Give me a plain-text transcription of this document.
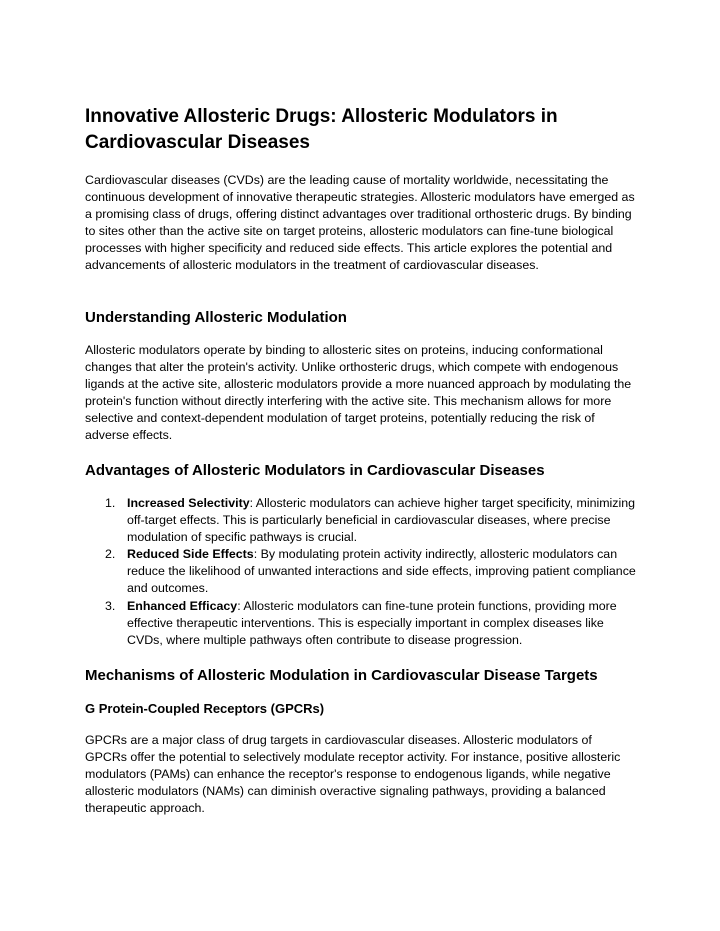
Innovative Allosteric Drugs: Allosteric Modulators in Cardiovascular Diseases

Cardiovascular diseases (CVDs) are the leading cause of mortality worldwide, necessitating the continuous development of innovative therapeutic strategies. Allosteric modulators have emerged as a promising class of drugs, offering distinct advantages over traditional orthosteric drugs. By binding to sites other than the active site on target proteins, allosteric modulators can fine-tune biological processes with higher specificity and reduced side effects. This article explores the potential and advancements of allosteric modulators in the treatment of cardiovascular diseases.

Understanding Allosteric Modulation

Allosteric modulators operate by binding to allosteric sites on proteins, inducing conformational changes that alter the protein's activity. Unlike orthosteric drugs, which compete with endogenous ligands at the active site, allosteric modulators provide a more nuanced approach by modulating the protein's function without directly interfering with the active site. This mechanism allows for more selective and context-dependent modulation of target proteins, potentially reducing the risk of adverse effects.

Advantages of Allosteric Modulators in Cardiovascular Diseases
1. Increased Selectivity: Allosteric modulators can achieve higher target specificity, minimizing off-target effects. This is particularly beneficial in cardiovascular diseases, where precise modulation of specific pathways is crucial.
2. Reduced Side Effects: By modulating protein activity indirectly, allosteric modulators can reduce the likelihood of unwanted interactions and side effects, improving patient compliance and outcomes.
3. Enhanced Efficacy: Allosteric modulators can fine-tune protein functions, providing more effective therapeutic interventions. This is especially important in complex diseases like CVDs, where multiple pathways often contribute to disease progression.
Mechanisms of Allosteric Modulation in Cardiovascular Disease Targets
G Protein-Coupled Receptors (GPCRs)

GPCRs are a major class of drug targets in cardiovascular diseases. Allosteric modulators of GPCRs offer the potential to selectively modulate receptor activity. For instance, positive allosteric modulators (PAMs) can enhance the receptor's response to endogenous ligands, while negative allosteric modulators (NAMs) can diminish overactive signaling pathways, providing a balanced therapeutic approach.
